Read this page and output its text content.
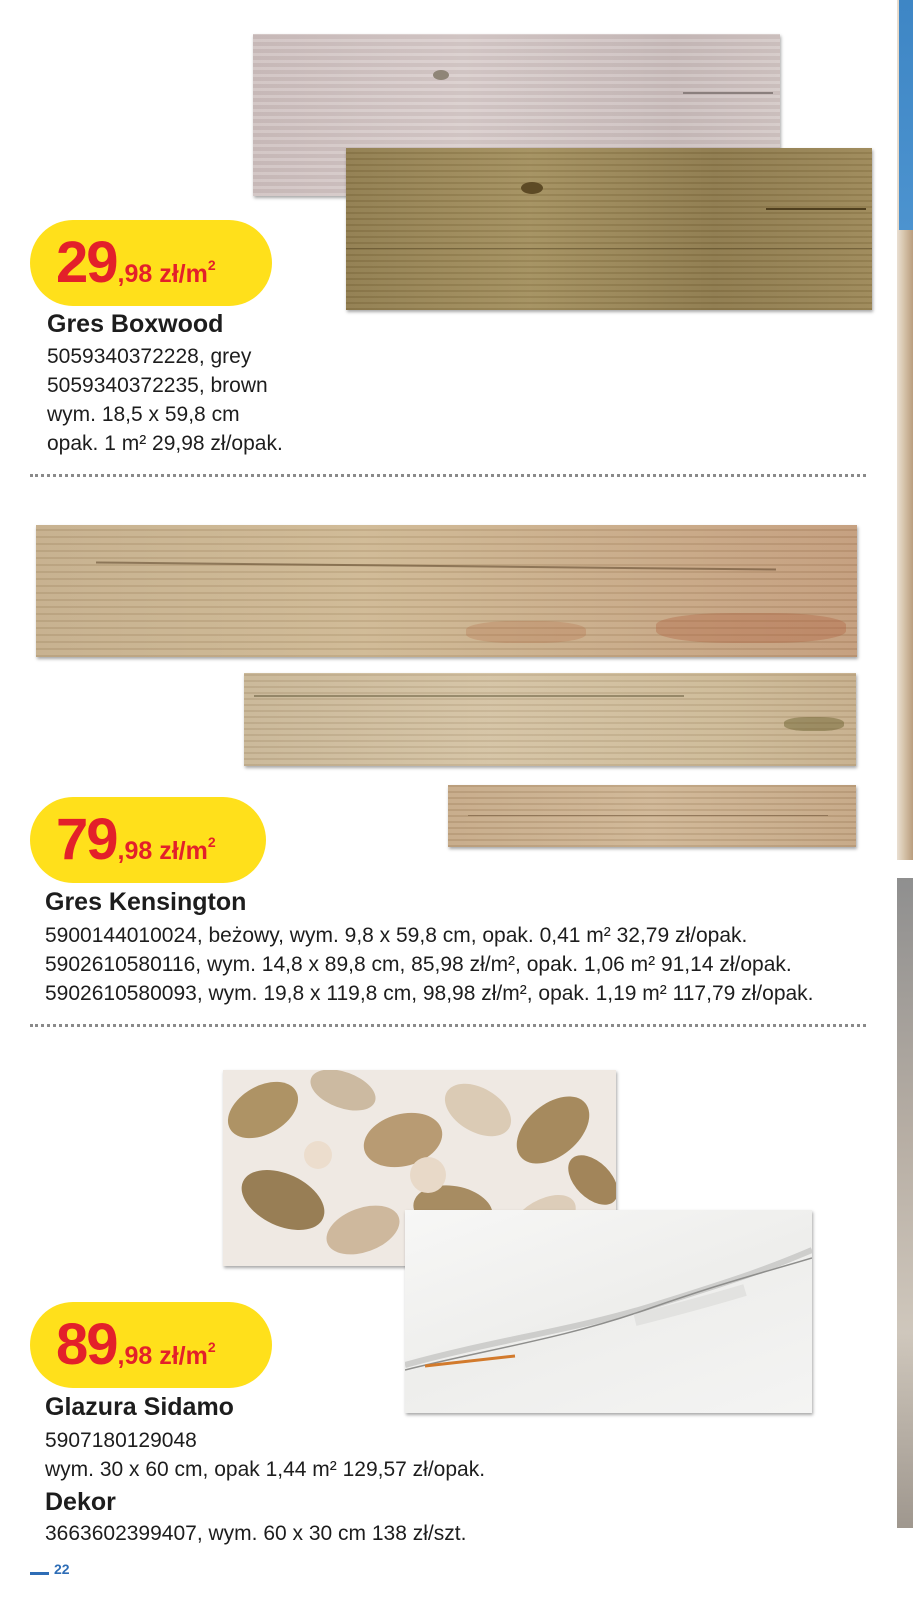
29 ,98 $zł/m^2$
Gres Boxwood
5059340372228, grey
5059340372235, brown
wym. 18,5 x 59,8 cm
opak. 1 m² 29,98 zł/opak.
79 ,98 $zł/m^2$
Gres Kensington
5900144010024, beżowy, wym. 9,8 x 59,8 cm, opak. 0,41 m² 32,79 zł/opak.
5902610580116, wym. 14,8 x 89,8 cm, 85,98 zł/m², opak. 1,06 m² 91,14 zł/opak.
5902610580093, wym. 19,8 x 119,8 cm, 98,98 zł/m², opak. 1,19 m² 117,79 zł/opak.
89 ,98 $zł/m^2$
Glazura Sidamo
5907180129048
wym. 30 x 60 cm, opak 1,44 m² 129,57 zł/opak.
Dekor
3663602399407, wym. 60 x 30 cm 138 zł/szt.
22
